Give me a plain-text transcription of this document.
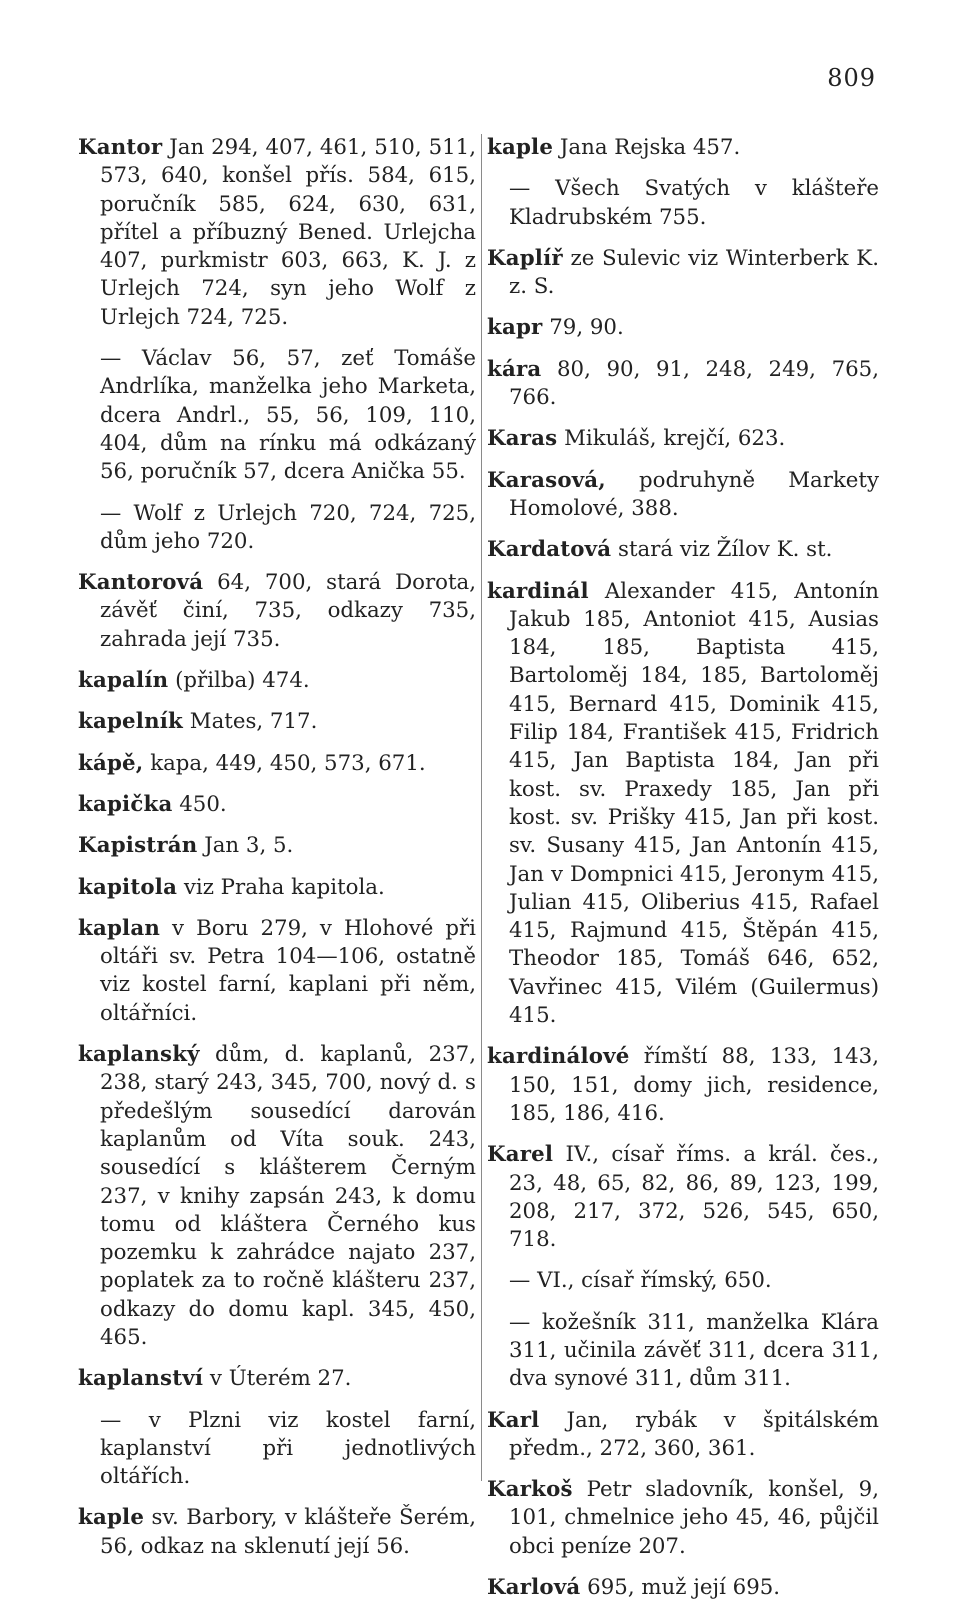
809

Kantor Jan 294, 407, 461, 510, 511, 573, 640, konšel přís. 584, 615, poručník 585, 624, 630, 631, přítel a příbuzný Bened. Urlejcha 407, purkmistr 603, 663, K. J. z Urlejch 724, syn jeho Wolf z Urlejch 724, 725.

— Václav 56, 57, zeť Tomáše Andrlíka, manželka jeho Marketa, dcera Andrl., 55, 56, 109, 110, 404, dům na rínku má odkázaný 56, poručník 57, dcera Anička 55.

— Wolf z Urlejch 720, 724, 725, dům jeho 720.

Kantorová 64, 700, stará Dorota, závěť činí, 735, odkazy 735, zahrada její 735.

kapalín (přilba) 474.

kapelník Mates, 717.

kápě, kapa, 449, 450, 573, 671.

kapička 450.

Kapistrán Jan 3, 5.

kapitola viz Praha kapitola.

kaplan v Boru 279, v Hlohové při oltáři sv. Petra 104—106, ostatně viz kostel farní, kaplani při něm, oltářníci.

kaplanský dům, d. kaplanů, 237, 238, starý 243, 345, 700, nový d. s předešlým sousedící darován kaplanům od Víta souk. 243, sousedící s klášterem Černým 237, v knihy zapsán 243, k domu tomu od kláštera Černého kus pozemku k zahrádce najato 237, poplatek za to ročně klášteru 237, odkazy do domu kapl. 345, 450, 465.

kaplanství v Úterém 27.

— v Plzni viz kostel farní, kaplanství při jednotlivých oltářích.

kaple sv. Barbory, v klášteře Šerém, 56, odkaz na sklenutí její 56.

kaple Jana Rejska 457.

— Všech Svatých v klášteře Kladrubském 755.

Kaplíř ze Sulevic viz Winterberk K. z. S.

kapr 79, 90.

kára 80, 90, 91, 248, 249, 765, 766.

Karas Mikuláš, krejčí, 623.

Karasová, podruhyně Markety Homolové, 388.

Kardatová stará viz Žílov K. st.

kardinál Alexander 415, Antonín Jakub 185, Antoniot 415, Ausias 184, 185, Baptista 415, Bartoloměj 184, 185, Bartoloměj 415, Bernard 415, Dominik 415, Filip 184, František 415, Fridrich 415, Jan Baptista 184, Jan při kost. sv. Praxedy 185, Jan při kost. sv. Prišky 415, Jan při kost. sv. Susany 415, Jan Antonín 415, Jan v Dompnici 415, Jeronym 415, Julian 415, Oliberius 415, Rafael 415, Rajmund 415, Štěpán 415, Theodor 185, Tomáš 646, 652, Vavřinec 415, Vilém (Guilermus) 415.

kardinálové římští 88, 133, 143, 150, 151, domy jich, residence, 185, 186, 416.

Karel IV., císař říms. a král. čes., 23, 48, 65, 82, 86, 89, 123, 199, 208, 217, 372, 526, 545, 650, 718.

— VI., císař římský, 650.

— kožešník 311, manželka Klára 311, učinila závěť 311, dcera 311, dva synové 311, dům 311.

Karl Jan, rybák v špitálském předm., 272, 360, 361.

Karkoš Petr sladovník, konšel, 9, 101, chmelnice jeho 45, 46, půjčil obci peníze 207.

Karlová 695, muž její 695.
